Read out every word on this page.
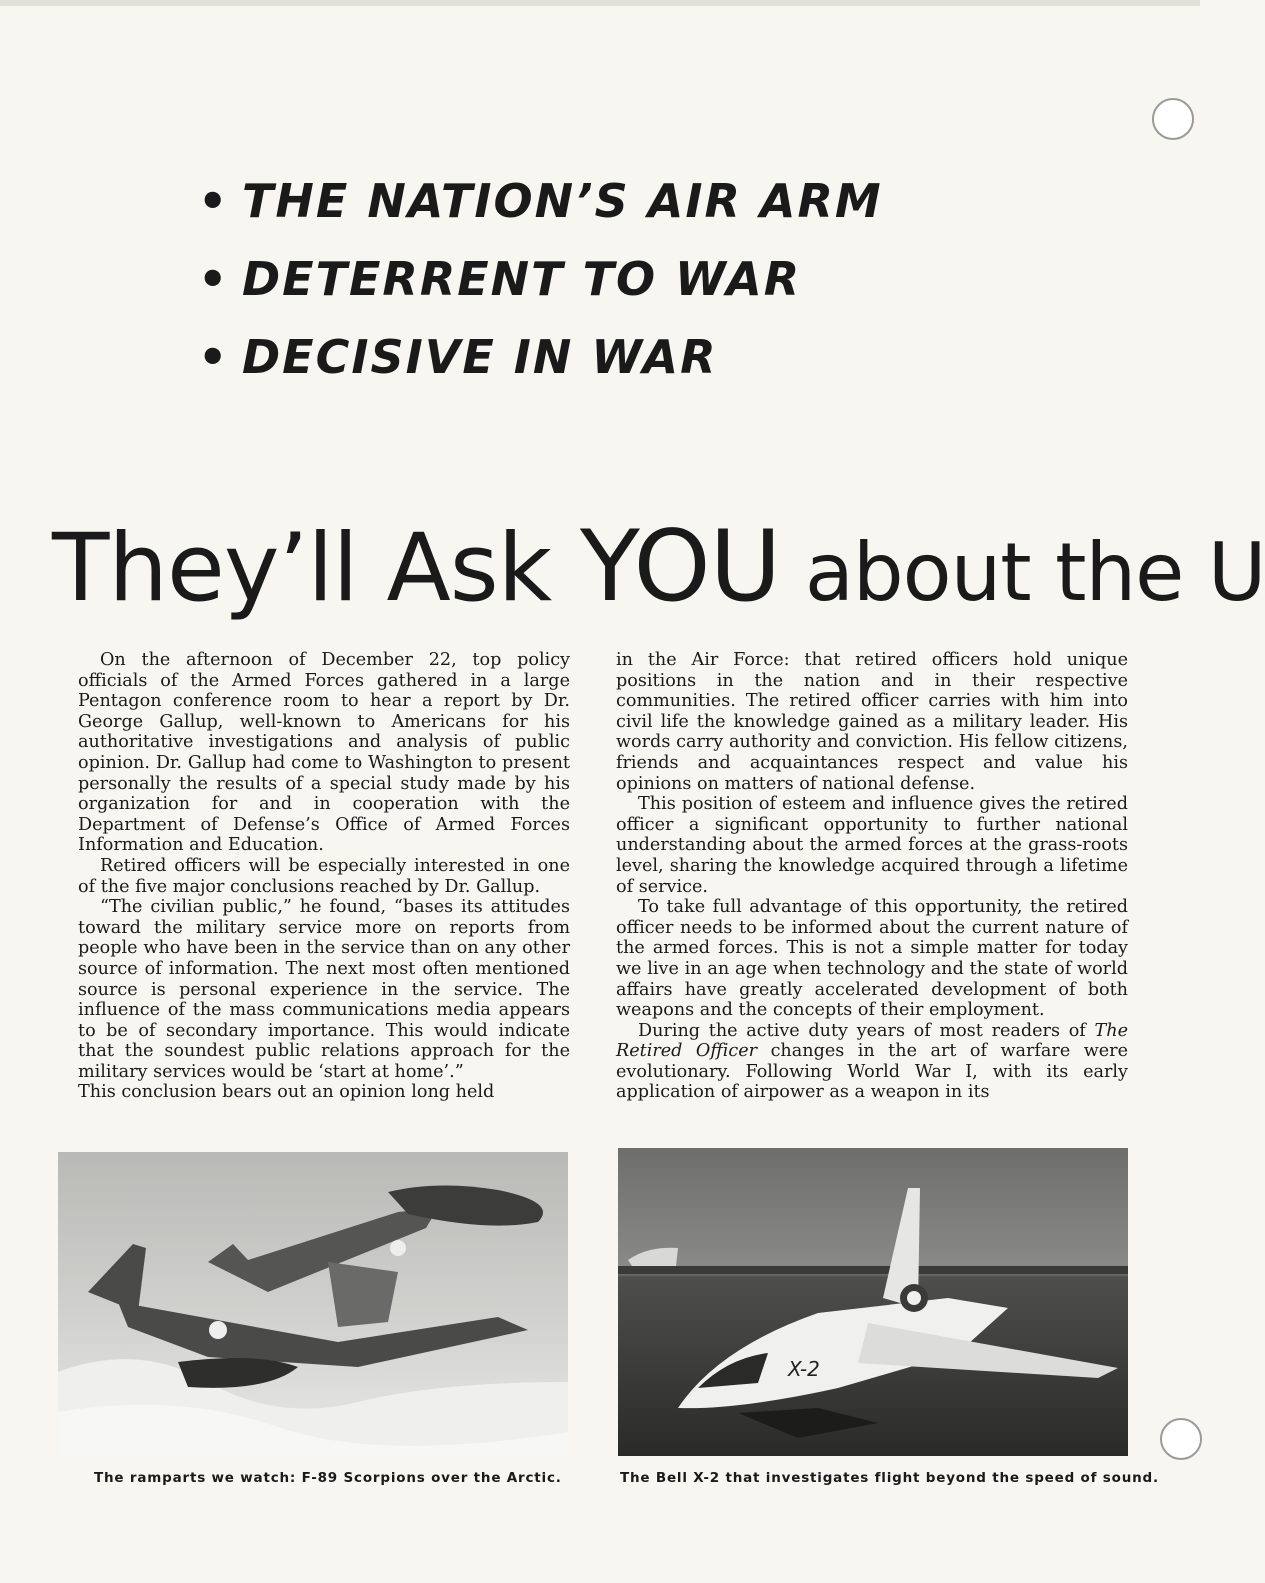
• THE NATION’S AIR ARM
• DETERRENT TO WAR
• DECISIVE IN WAR
They’ll Ask YOU about the U

On the afternoon of December 22, top policy officials of the Armed Forces gathered in a large Pentagon conference room to hear a report by Dr. George Gallup, well-known to Americans for his authoritative investigations and analysis of public opinion. Dr. Gallup had come to Washington to present personally the results of a special study made by his organization for and in cooperation with the Department of Defense’s Office of Armed Forces Information and Education.

Retired officers will be especially interested in one of the five major conclusions reached by Dr. Gallup.

“The civilian public,” he found, “bases its attitudes toward the military service more on reports from people who have been in the service than on any other source of information. The next most often mentioned source is personal experience in the service. The influence of the mass communications media appears to be of secondary importance. This would indicate that the soundest public relations approach for the military services would be ‘start at home’.”

This conclusion bears out an opinion long held

in the Air Force: that retired officers hold unique positions in the nation and in their respective communities. The retired officer carries with him into civil life the knowledge gained as a military leader. His words carry authority and conviction. His fellow citizens, friends and acquaintances respect and value his opinions on matters of national defense.

This position of esteem and influence gives the retired officer a significant opportunity to further national understanding about the armed forces at the grass-roots level, sharing the knowledge acquired through a lifetime of service.

To take full advantage of this opportunity, the retired officer needs to be informed about the current nature of the armed forces. This is not a simple matter for today we live in an age when technology and the state of world affairs have greatly accelerated development of both weapons and the concepts of their employment.

During the active duty years of most readers of The Retired Officer changes in the art of warfare were evolutionary. Following World War I, with its early application of airpower as a weapon in its

X-2

The ramparts we watch: F-89 Scorpions over the Arctic.	The Bell X-2 that investigates flight beyond the speed of sound.
